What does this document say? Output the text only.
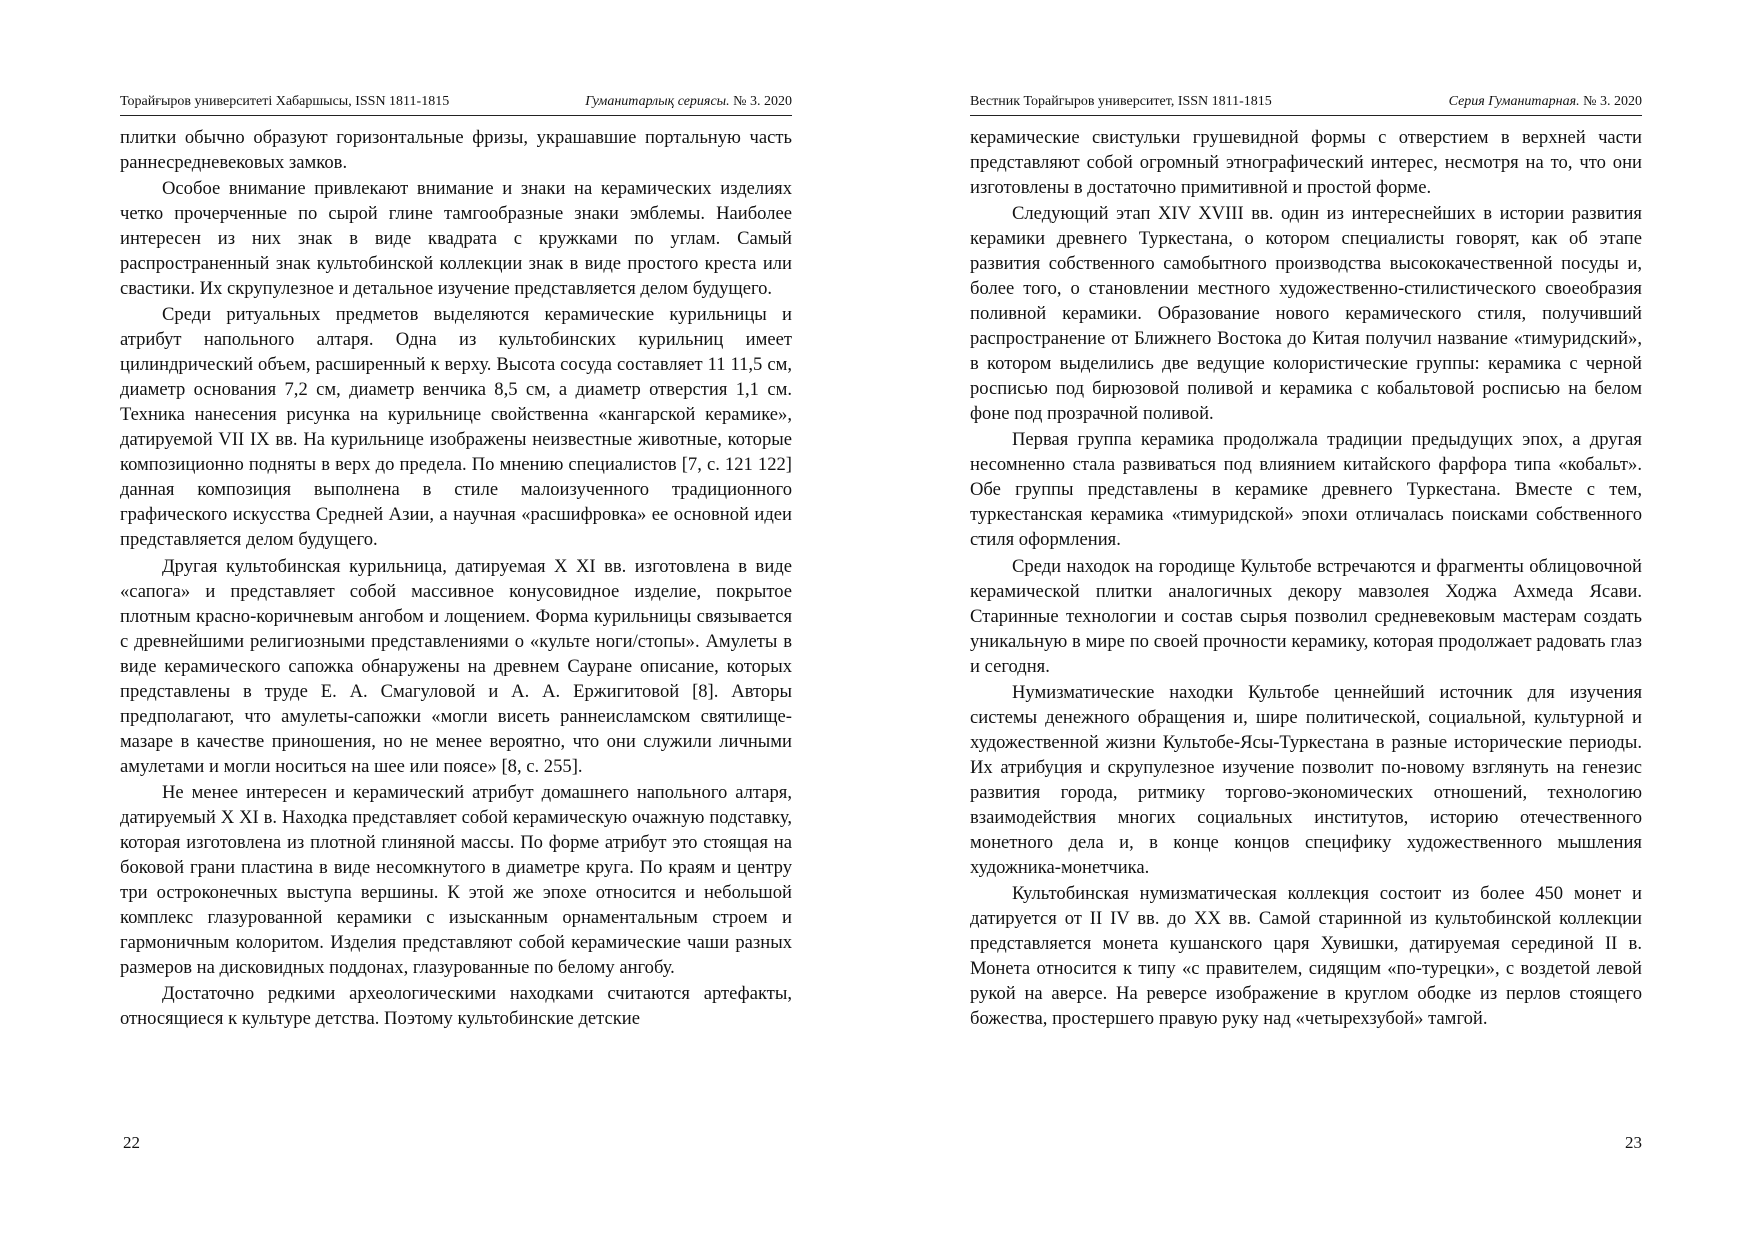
Торайғыров университетi Хабаршысы, ISSN 1811-1815	Гуманитарлық сериясы. № 3. 2020

плитки обычно образуют горизонтальные фризы, украшавшие портальную часть раннесредневековых замков.

Особое внимание привлекают внимание и знаки на керамических изделиях четко прочерченные по сырой глине тамгообразные знаки эмблемы. Наиболее интересен из них знак в виде квадрата с кружками по углам. Самый распространенный знак культобинской коллекции знак в виде простого креста или свастики. Их скрупулезное и детальное изучение представляется делом будущего.

Среди ритуальных предметов выделяются керамические курильницы и атрибут напольного алтаря. Одна из культобинских курильниц имеет цилиндрический объем, расширенный к верху. Высота сосуда составляет 11 11,5 см, диаметр основания 7,2 см, диаметр венчика 8,5 см, а диаметр отверстия 1,1 см. Техника нанесения рисунка на курильнице свойственна «кангарской керамике», датируемой VII IX вв. На курильнице изображены неизвестные животные, которые композиционно подняты в верх до предела. По мнению специалистов [7, с. 121 122] данная композиция выполнена в стиле малоизученного традиционного графического искусства Средней Азии, а научная «расшифровка» ее основной идеи представляется делом будущего.

Другая культобинская курильница, датируемая X XI вв. изготовлена в виде «сапога» и представляет собой массивное конусовидное изделие, покрытое плотным красно-коричневым ангобом и лощением. Форма курильницы связывается с древнейшими религиозными представлениями о «культе ноги/стопы». Амулеты в виде керамического сапожка обнаружены на древнем Сауране описание, которых представлены в труде Е. А. Смагуловой и А. А. Ержигитовой [8]. Авторы предполагают, что амулеты-сапожки «могли висеть раннеисламском святилище-мазаре в качестве приношения, но не менее вероятно, что они служили личными амулетами и могли носиться на шее или поясе» [8, с. 255].

Не менее интересен и керамический атрибут домашнего напольного алтаря, датируемый X XI в. Находка представляет собой керамическую очажную подставку, которая изготовлена из плотной глиняной массы. По форме атрибут это стоящая на боковой грани пластина в виде несомкнутого в диаметре круга. По краям и центру три остроконечных выступа вершины. К этой же эпохе относится и небольшой комплекс глазурованной керамики с изысканным орнаментальным строем и гармоничным колоритом. Изделия представляют собой керамические чаши разных размеров на дисковидных поддонах, глазурованные по белому ангобу.

Достаточно редкими археологическими находками считаются артефакты, относящиеся к культуре детства. Поэтому культобинские детские

22
Вестник Торайгыров университет, ISSN 1811-1815	Серия Гуманитарная. № 3. 2020

керамические свистульки грушевидной формы с отверстием в верхней части представляют собой огромный этнографический интерес, несмотря на то, что они изготовлены в достаточно примитивной и простой форме.

Следующий этап XIV XVIII вв. один из интереснейших в истории развития керамики древнего Туркестана, о котором специалисты говорят, как об этапе развития собственного самобытного производства высококачественной посуды и, более того, о становлении местного художественно-стилистического своеобразия поливной керамики. Образование нового керамического стиля, получивший распространение от Ближнего Востока до Китая получил название «тимуридский», в котором выделились две ведущие колористические группы: керамика с черной росписью под бирюзовой поливой и керамика с кобальтовой росписью на белом фоне под прозрачной поливой.

Первая группа керамика продолжала традиции предыдущих эпох, а другая несомненно стала развиваться под влиянием китайского фарфора типа «кобальт». Обе группы представлены в керамике древнего Туркестана. Вместе с тем, туркестанская керамика «тимуридской» эпохи отличалась поисками собственного стиля оформления.

Среди находок на городище Культобе встречаются и фрагменты облицовочной керамической плитки аналогичных декору мавзолея Ходжа Ахмеда Ясави. Старинные технологии и состав сырья позволил средневековым мастерам создать уникальную в мире по своей прочности керамику, которая продолжает радовать глаз и сегодня.

Нумизматические находки Культобе ценнейший источник для изучения системы денежного обращения и, шире политической, социальной, культурной и художественной жизни Культобе-Ясы-Туркестана в разные исторические периоды. Их атрибуция и скрупулезное изучение позволит по-новому взглянуть на генезис развития города, ритмику торгово-экономических отношений, технологию взаимодействия многих социальных институтов, историю отечественного монетного дела и, в конце концов специфику художественного мышления художника-монетчика.

Культобинская нумизматическая коллекция состоит из более 450 монет и датируется от II IV вв. до XX вв. Самой старинной из культобинской коллекции представляется монета кушанского царя Хувишки, датируемая серединой II в. Монета относится к типу «с правителем, сидящим «по-турецки», с воздетой левой рукой на аверсе. На реверсе изображение в круглом ободке из перлов стоящего божества, простершего правую руку над «четырехзубой» тамгой.

23
